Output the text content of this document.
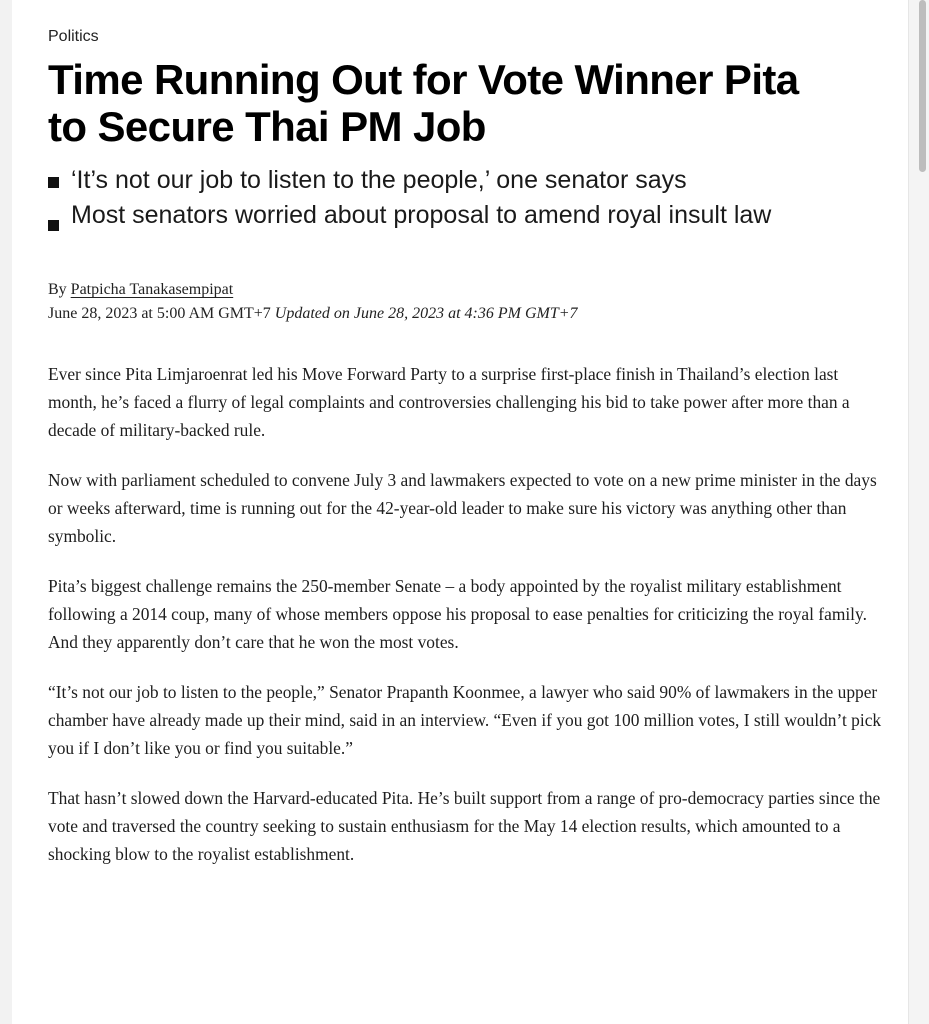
Politics
Time Running Out for Vote Winner Pita to Secure Thai PM Job
‘It’s not our job to listen to the people,’ one senator says
Most senators worried about proposal to amend royal insult law
By Patpicha Tanakasempipat
June 28, 2023 at 5:00 AM GMT+7 Updated on June 28, 2023 at 4:36 PM GMT+7

Ever since Pita Limjaroenrat led his Move Forward Party to a surprise first-place finish in Thailand’s election last month, he’s faced a flurry of legal complaints and controversies challenging his bid to take power after more than a decade of military-backed rule.

Now with parliament scheduled to convene July 3 and lawmakers expected to vote on a new prime minister in the days or weeks afterward, time is running out for the 42-year-old leader to make sure his victory was anything other than symbolic.

Pita’s biggest challenge remains the 250-member Senate – a body appointed by the royalist military establishment following a 2014 coup, many of whose members oppose his proposal to ease penalties for criticizing the royal family. And they apparently don’t care that he won the most votes.

“It’s not our job to listen to the people,” Senator Prapanth Koonmee, a lawyer who said 90% of lawmakers in the upper chamber have already made up their mind, said in an interview. “Even if you got 100 million votes, I still wouldn’t pick you if I don’t like you or find you suitable.”

That hasn’t slowed down the Harvard-educated Pita. He’s built support from a range of pro-democracy parties since the vote and traversed the country seeking to sustain enthusiasm for the May 14 election results, which amounted to a shocking blow to the royalist establishment.
